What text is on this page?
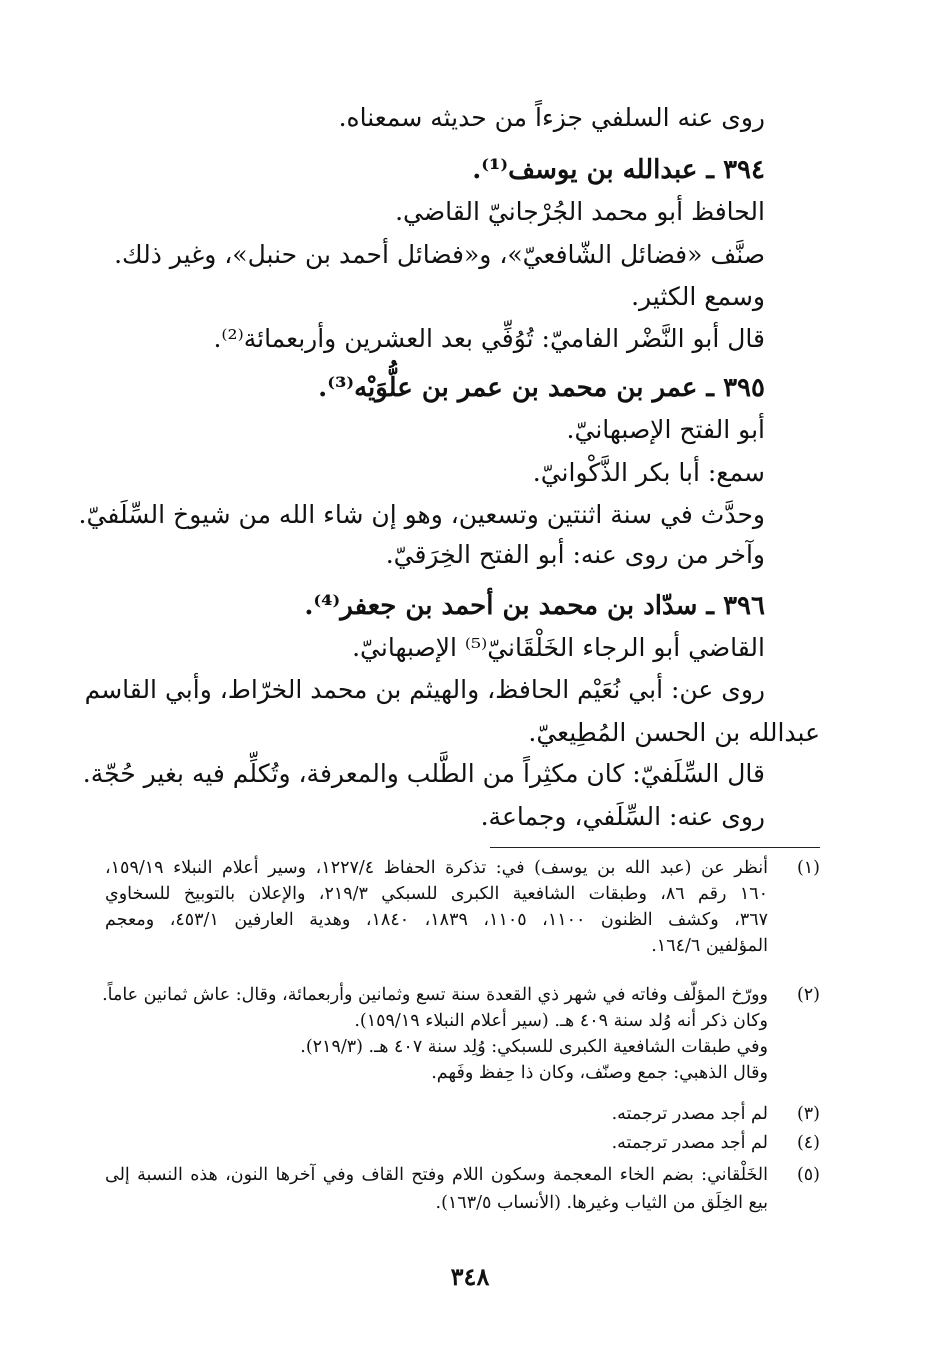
روى عنه السلفي جزءاً من حديثه سمعناه.
٣٩٤ ـ عبدالله بن يوسف⁽¹⁾.
الحافظ أبو محمد الجُرْجانيّ القاضي.
صنَّف «فضائل الشّافعيّ»، و«فضائل أحمد بن حنبل»، وغير ذلك.
وسمع الكثير.
قال أبو النَّضْر الفاميّ: تُوُفِّي بعد العشرين وأربعمائة⁽²⁾.
٣٩٥ ـ عمر بن محمد بن عمر بن علُّوَيْه⁽³⁾.
أبو الفتح الإصبهانيّ.
سمع: أبا بكر الذَّكْوانيّ.
وحدَّث في سنة اثنتين وتسعين، وهو إن شاء الله من شيوخ السِّلَفيّ.
وآخر من روى عنه: أبو الفتح الخِرَقيّ.
٣٩٦ ـ سدّاد بن محمد بن أحمد بن جعفر⁽⁴⁾.
القاضي أبو الرجاء الخَلْقَانيّ⁽⁵⁾ الإصبهانيّ.
روى عن: أبي نُعَيْم الحافظ، والهيثم بن محمد الخرّاط، وأبي القاسم
عبدالله بن الحسن المُطِيعيّ.
قال السِّلَفيّ: كان مكثِراً من الطَّلب والمعرفة، وتُكلِّم فيه بغير حُجّة.
روى عنه: السِّلَفي، وجماعة.
(١)
أنظر عن (عبد الله بن يوسف) في: تذكرة الحفاظ ١٢٢٧/٤، وسير أعلام النبلاء ١٥٩/١٩،
١٦٠ رقم ٨٦، وطبقات الشافعية الكبرى للسبكي ٢١٩/٣، والإعلان بالتوبيخ للسخاوي
٣٦٧، وكشف الظنون ١١٠٠، ١١٠٥، ١٨٣٩، ١٨٤٠، وهدية العارفين ٤٥٣/١، ومعجم
المؤلفين ١٦٤/٦.
(٢)
وورّخ المؤلّف وفاته في شهر ذي القعدة سنة تسع وثمانين وأربعمائة، وقال: عاش ثمانين عاماً.
وكان ذكر أنه وُلد سنة ٤٠٩ هـ. (سير أعلام النبلاء ١٥٩/١٩).
وفي طبقات الشافعية الكبرى للسبكي: وُلِد سنة ٤٠٧ هـ. (٢١٩/٣).
وقال الذهبي: جمع وصنّف، وكان ذا حِفظ وفَهم.
(٣)
لم أجد مصدر ترجمته.
(٤)
لم أجد مصدر ترجمته.
(٥)
الخَلْقاني: بضم الخاء المعجمة وسكون اللام وفتح القاف وفي آخرها النون، هذه النسبة إلى
بيع الخِلَق من الثياب وغيرها. (الأنساب ١٦٣/٥).
٣٤٨
